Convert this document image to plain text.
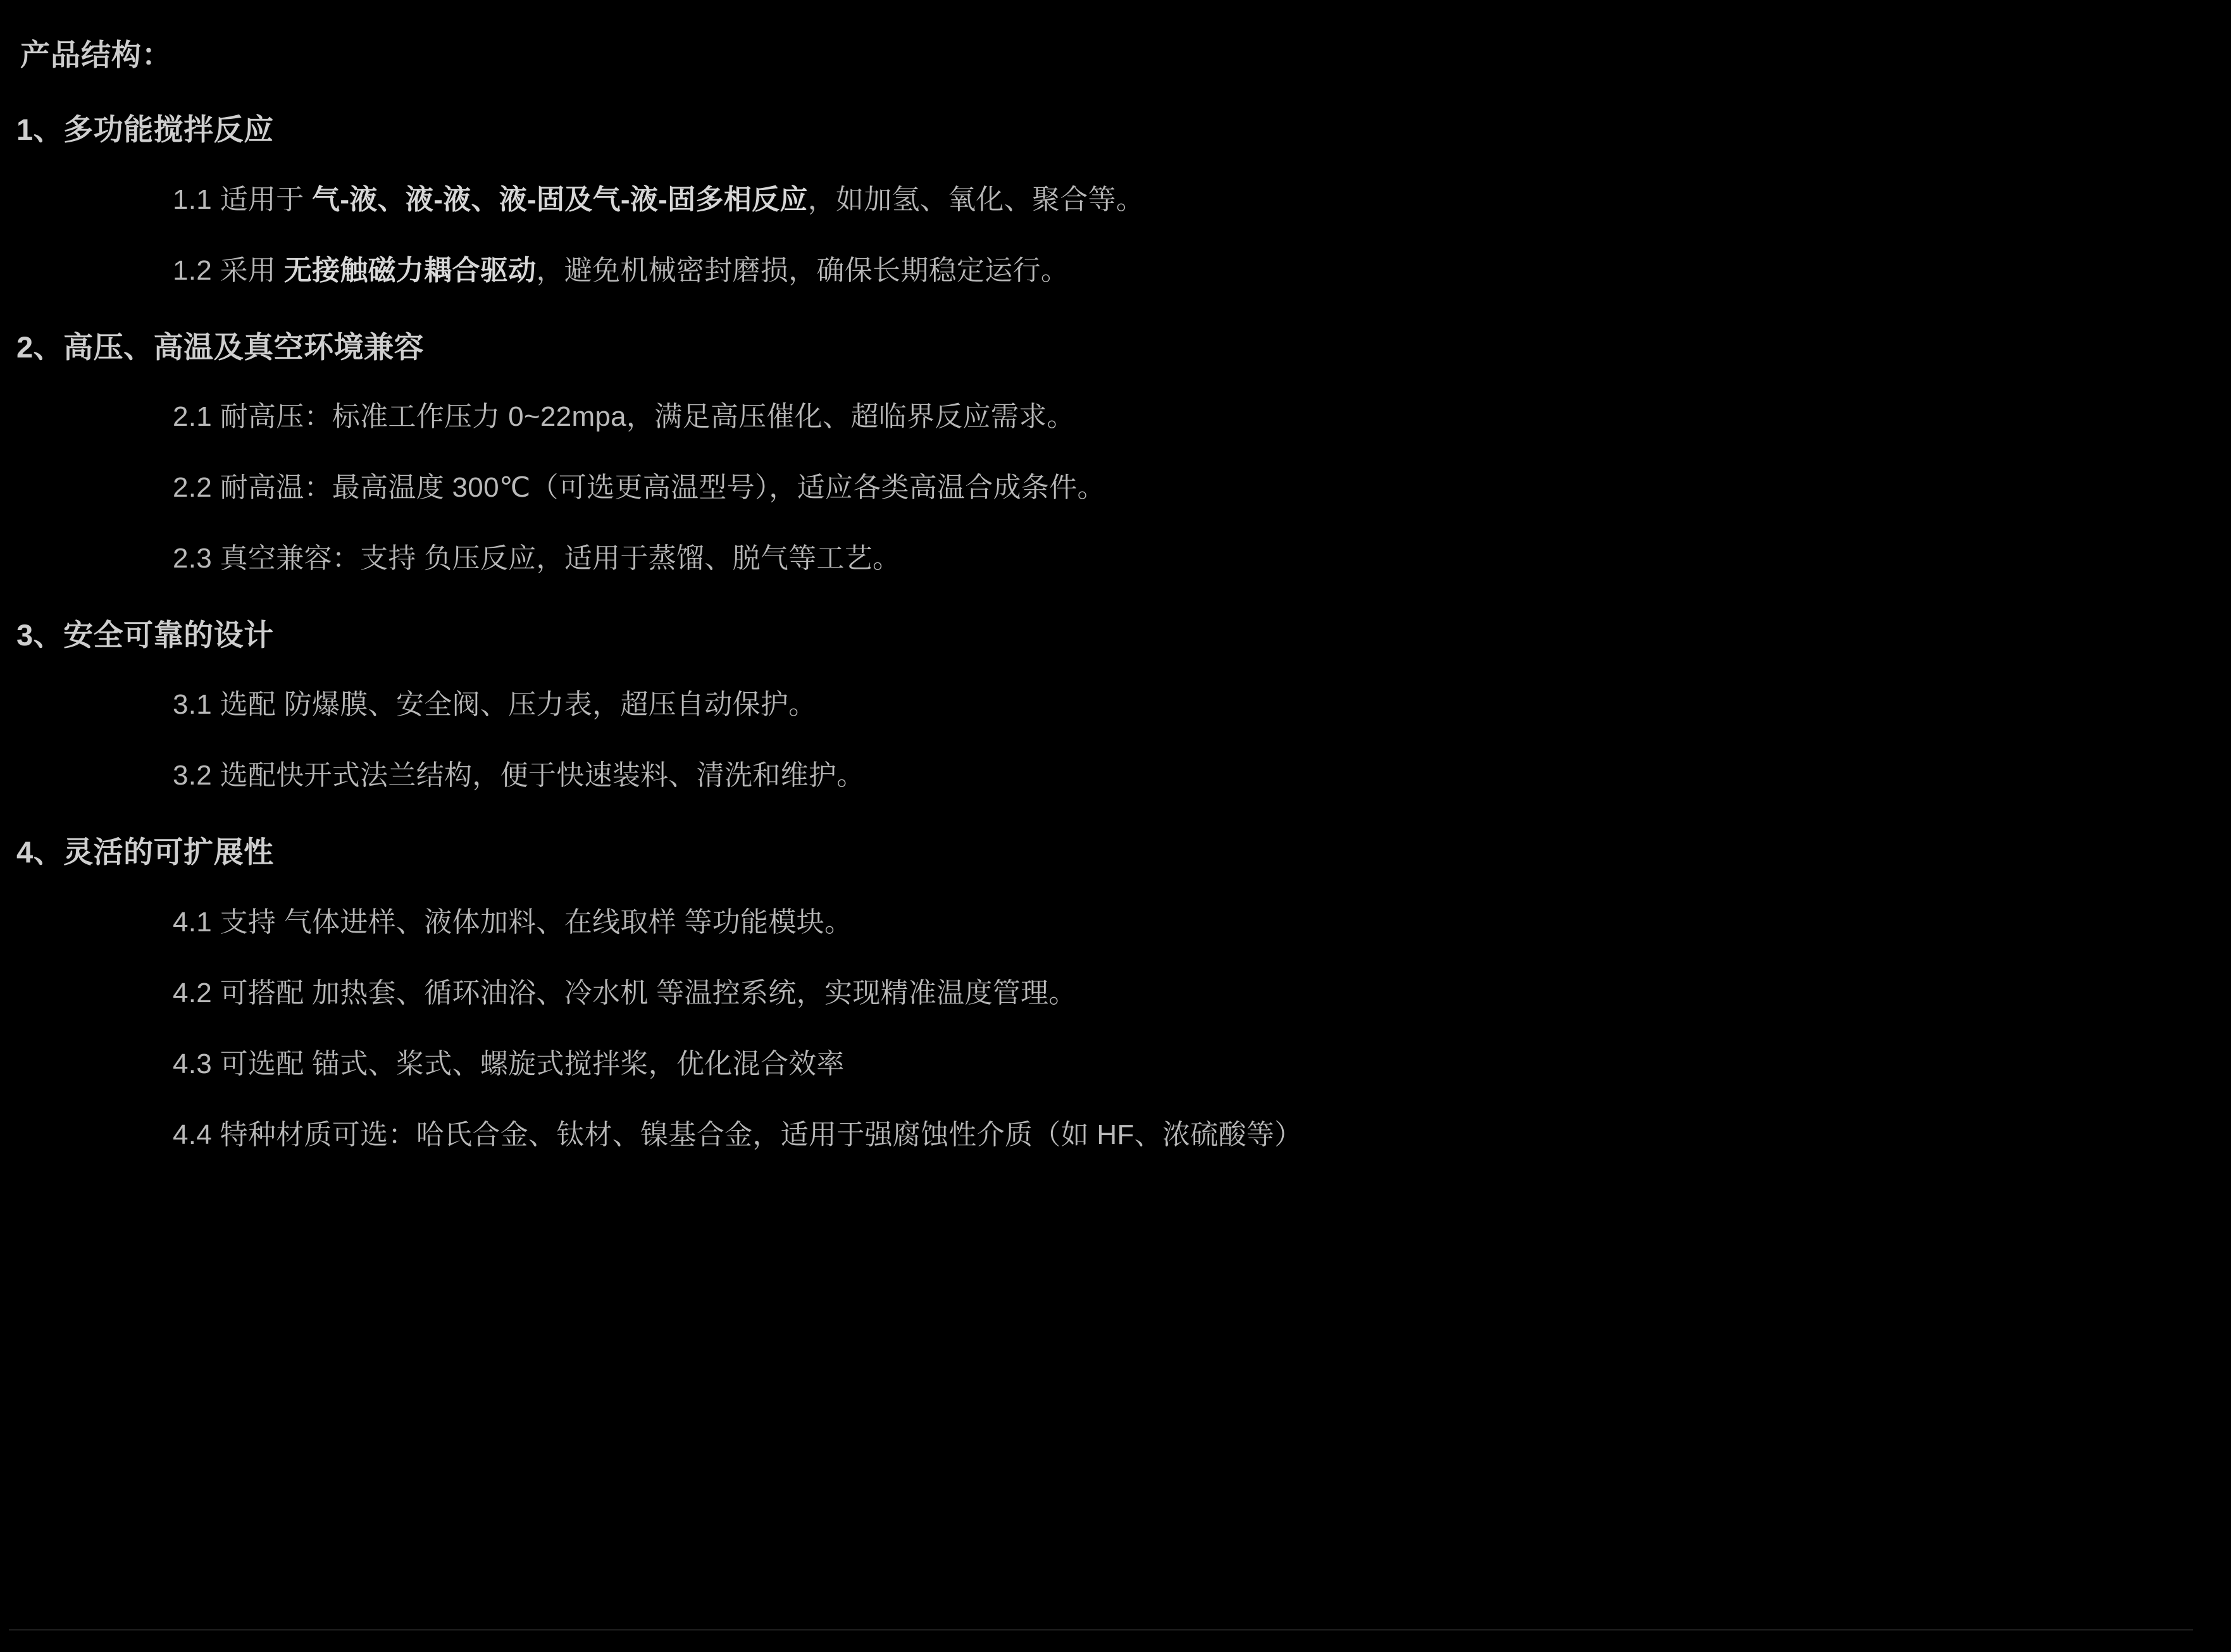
产品结构：
1、多功能搅拌反应
1.1 适用于 气-液、液-液、液-固及气-液-固多相反应，如加氢、氧化、聚合等。
1.2 采用 无接触磁力耦合驱动，避免机械密封磨损，确保长期稳定运行。
2、高压、高温及真空环境兼容
2.1 耐高压：标准工作压力 0~22mpa，满足高压催化、超临界反应需求。
2.2 耐高温：最高温度 300℃（可选更高温型号），适应各类高温合成条件。
2.3 真空兼容：支持 负压反应，适用于蒸馏、脱气等工艺。
3、安全可靠的设计
3.1 选配 防爆膜、安全阀、压力表，超压自动保护。
3.2 选配快开式法兰结构，便于快速装料、清洗和维护。
4、灵活的可扩展性
4.1 支持 气体进样、液体加料、在线取样 等功能模块。
4.2 可搭配 加热套、循环油浴、冷水机 等温控系统，实现精准温度管理。
4.3 可选配 锚式、桨式、螺旋式搅拌桨，优化混合效率
4.4 特种材质可选：哈氏合金、钛材、镍基合金，适用于强腐蚀性介质（如 HF、浓硫酸等）
